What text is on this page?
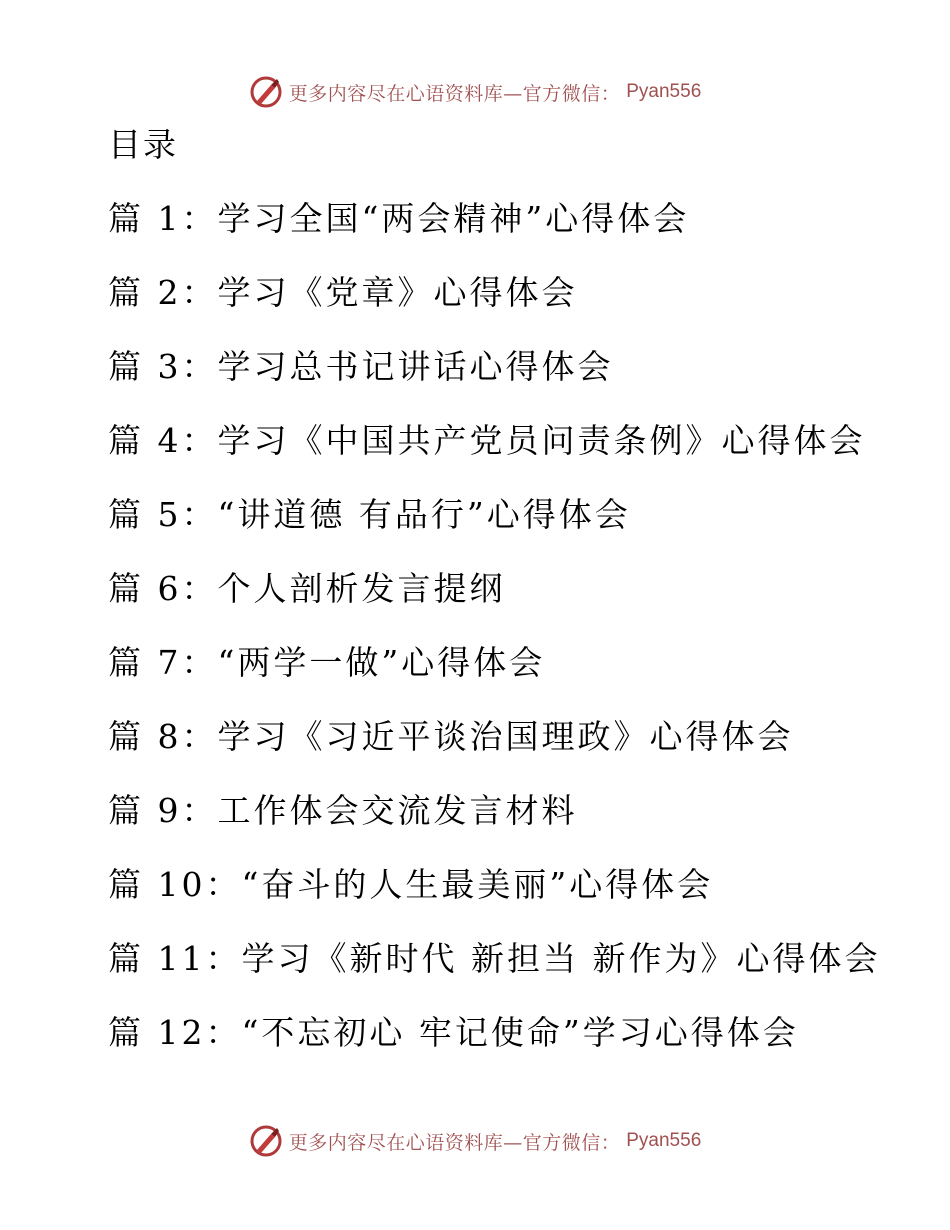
更多内容尽在心语资料库—官方微信： Pyan556
目录
篇 1：学习全国“两会精神”心得体会
篇 2：学习《党章》心得体会
篇 3：学习总书记讲话心得体会
篇 4：学习《中国共产党员问责条例》心得体会
篇 5：“讲道德 有品行”心得体会
篇 6：个人剖析发言提纲
篇 7：“两学一做”心得体会
篇 8：学习《习近平谈治国理政》心得体会
篇 9：工作体会交流发言材料
篇 10：“奋斗的人生最美丽”心得体会
篇 11：学习《新时代 新担当 新作为》心得体会
篇 12：“不忘初心 牢记使命”学习心得体会
更多内容尽在心语资料库—官方微信： Pyan556
